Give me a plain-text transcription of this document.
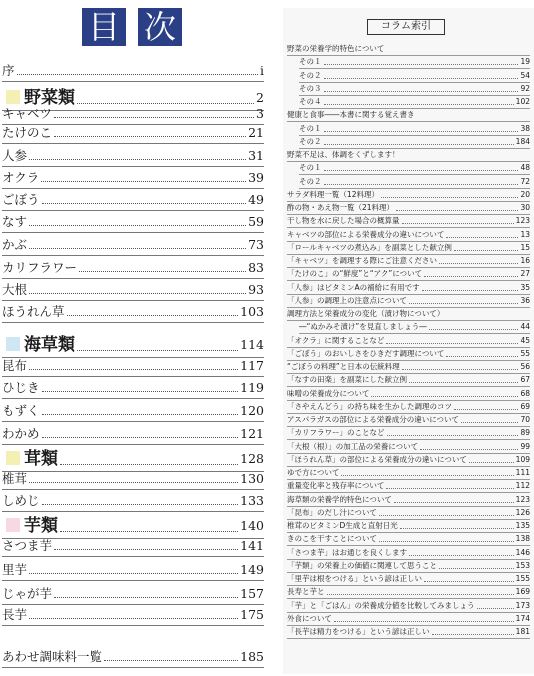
目 次
序	i
野菜類	2
キャベツ	3
たけのこ	21
人参	31
オクラ	39
ごぼう	49
なす	59
かぶ	73
カリフラワー	83
大根	93
ほうれん草	103
海草類	114
昆布	117
ひじき	119
もずく	120
わかめ	121
茸類	128
椎茸	130
しめじ	133
芋類	140
さつま芋	141
里芋	149
じゃが芋	157
長芋	175
あわせ調味料一覧	185
コラム索引
野菜の栄養学的特色について
その１	19
その２	54
その３	92
その４	102
健康と食事――本書に関する覚え書き
その１	38
その２	184
野菜不足は、体調をくずします！
その１	48
その２	72
サラダ料理一覧（12料理）	20
酢の物・あえ物一覧（21料理）	30
干し物を水に戻した場合の概算量	123
キャベツの部位による栄養成分の違いについて	13
「ロールキャベツの煮込み」を副菜とした献立例	15
「キャベツ」を調理する際にご注意ください	16
「たけのこ」の“鮮度”と“アク”について	27
「人参」はビタミンAの補給に有用です	35
「人参」の調理上の注意点について	36
調理方法と栄養成分の変化（漬け物について）
―“ぬかみそ漬け”を見直しましょう―	44
「オクラ」に関することなど	45
「ごぼう」のおいしさをひきだす調理について	55
“ごぼうの料理”と日本の伝統料理	56
「なすの田楽」を副菜にした献立例	67
味噌の栄養成分について	68
「さやえんどう」の持ち味を生かした調理のコツ	69
アスパラガスの部位による栄養成分の違いについて	70
「カリフラワー」のことなど	89
「大根（根）」の加工品の栄養について	99
「ほうれん草」の部位による栄養成分の違いについて	109
ゆで方について	111
重量変化率と残存率について	112
海草類の栄養学的特色について	123
「昆布」のだし汁について	126
椎茸のビタミンD生成と直射日光	135
きのこを干すことについて	138
「さつま芋」はお通じを良くします	146
「芋類」の栄養上の価値に関連して思うこと	153
「里芋は根をつける」という諺は正しい	155
長寿と芋と	169
「芋」と「ごはん」の栄養成分値を比較してみましょう	173
外食について	174
「長芋は精力をつける」という諺は正しい	181
